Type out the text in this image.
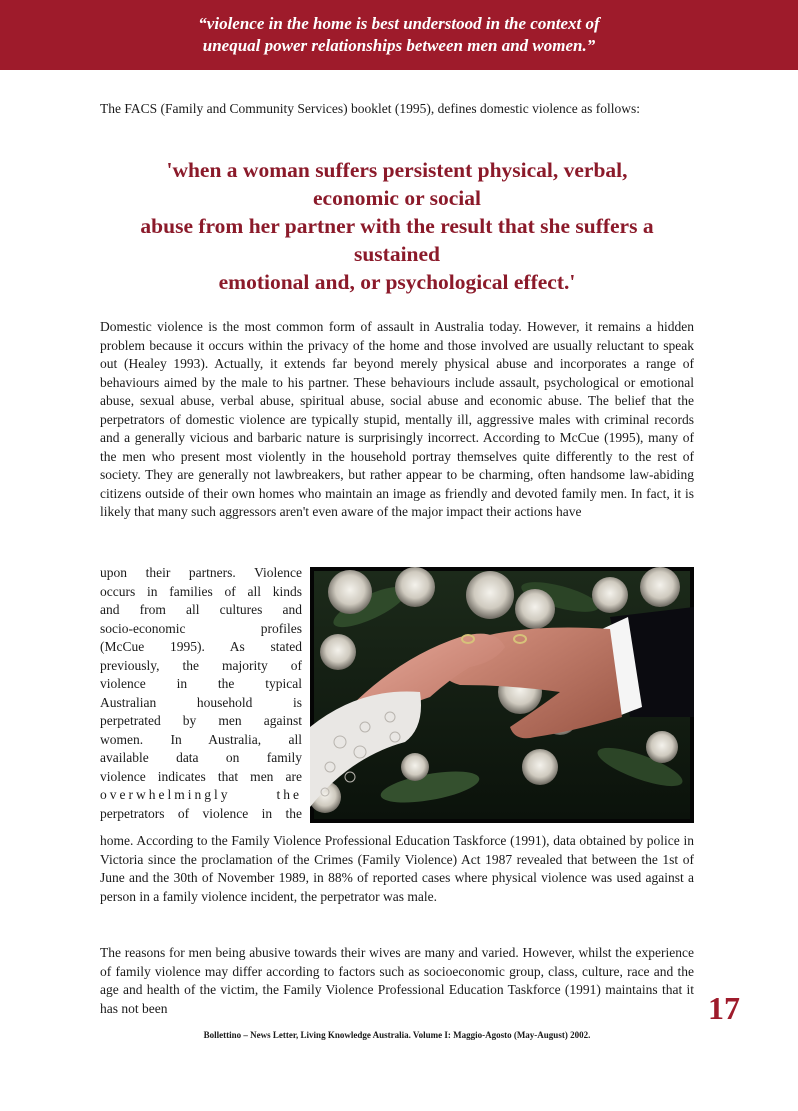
“violence in the home is best understood in the context of
unequal power relationships between men and women.”

The FACS (Family and Community Services) booklet (1995), defines domestic violence as follows:

'when a woman suffers persistent physical, verbal,
economic or social
abuse from her partner with the result that she suffers a
sustained
emotional and, or psychological effect.'

Domestic violence is the most common form of assault in Australia today. However, it remains a hidden problem because it occurs within the privacy of the home and those involved are usually reluctant to speak out (Healey 1993). Actually, it extends far beyond merely physical abuse and incorporates a range of behaviours aimed by the male to his partner. These behaviours include assault, psychological or emotional abuse, sexual abuse, verbal abuse, spiritual abuse, social abuse and economic abuse. The belief that the perpetrators of domestic violence are typically stupid, mentally ill, aggressive males with criminal records and a generally vicious and barbaric nature is surprisingly incorrect. According to McCue (1995), many of the men who present most violently in the household portray themselves quite differently to the rest of society. They are generally not lawbreakers, but rather appear to be charming, often handsome law-abiding citizens outside of their own homes who maintain an image as friendly and devoted family men. In fact, it is likely that many such aggressors aren't even aware of the major impact their actions have

upon their partners. Violence
occurs in families of all kinds
and from all cultures and
socio-economic profiles
(McCue 1995). As stated
previously, the majority of
violence in the typical
Australian household is
perpetrated by men against
women. In Australia, all
available data on family
violence indicates that men are
overwhelmingly the
perpetrators of violence in the

home. According to the Family Violence Professional Education Taskforce (1991), data obtained by police in Victoria since the proclamation of the Crimes (Family Violence) Act 1987 revealed that between the 1st of June and the 30th of November 1989, in 88% of reported cases where physical violence was used against a person in a family violence incident, the perpetrator was male.

The reasons for men being abusive towards their wives are many and varied. However, whilst the experience of family violence may differ according to factors such as socioeconomic group, class, culture, race and the age and health of the victim, the Family Violence Professional Education Taskforce (1991) maintains that it has not been	17
Bollettino – News Letter, Living Knowledge Australia. Volume I: Maggio-Agosto (May-August) 2002.
